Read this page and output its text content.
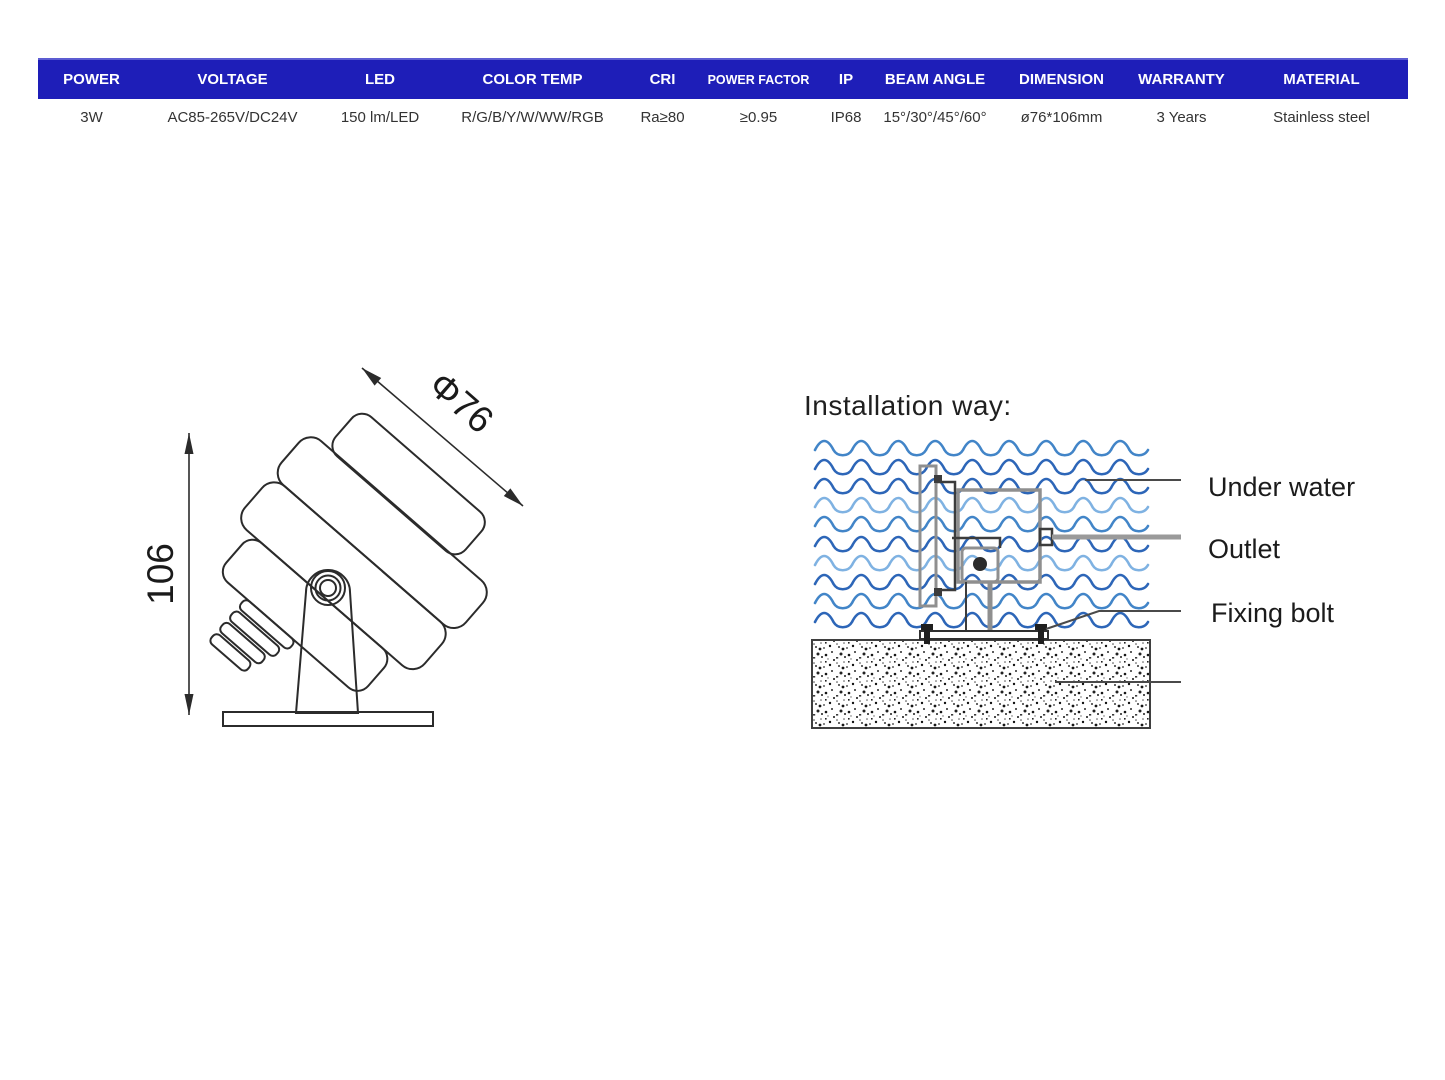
POWER	VOLTAGE	LED	COLOR TEMP	CRI	POWER FACTOR	IP	BEAM ANGLE	DIMENSION	WARRANTY	MATERIAL
3W	AC85-265V/DC24V	150 lm/LED	R/G/B/Y/W/WW/RGB	Ra≥80	≥0.95	IP68	15°/30°/45°/60°	ø76*106mm	3 Years	Stainless steel
106
Φ76	Installation way:
Under water
Outlet
Fixing bolt
